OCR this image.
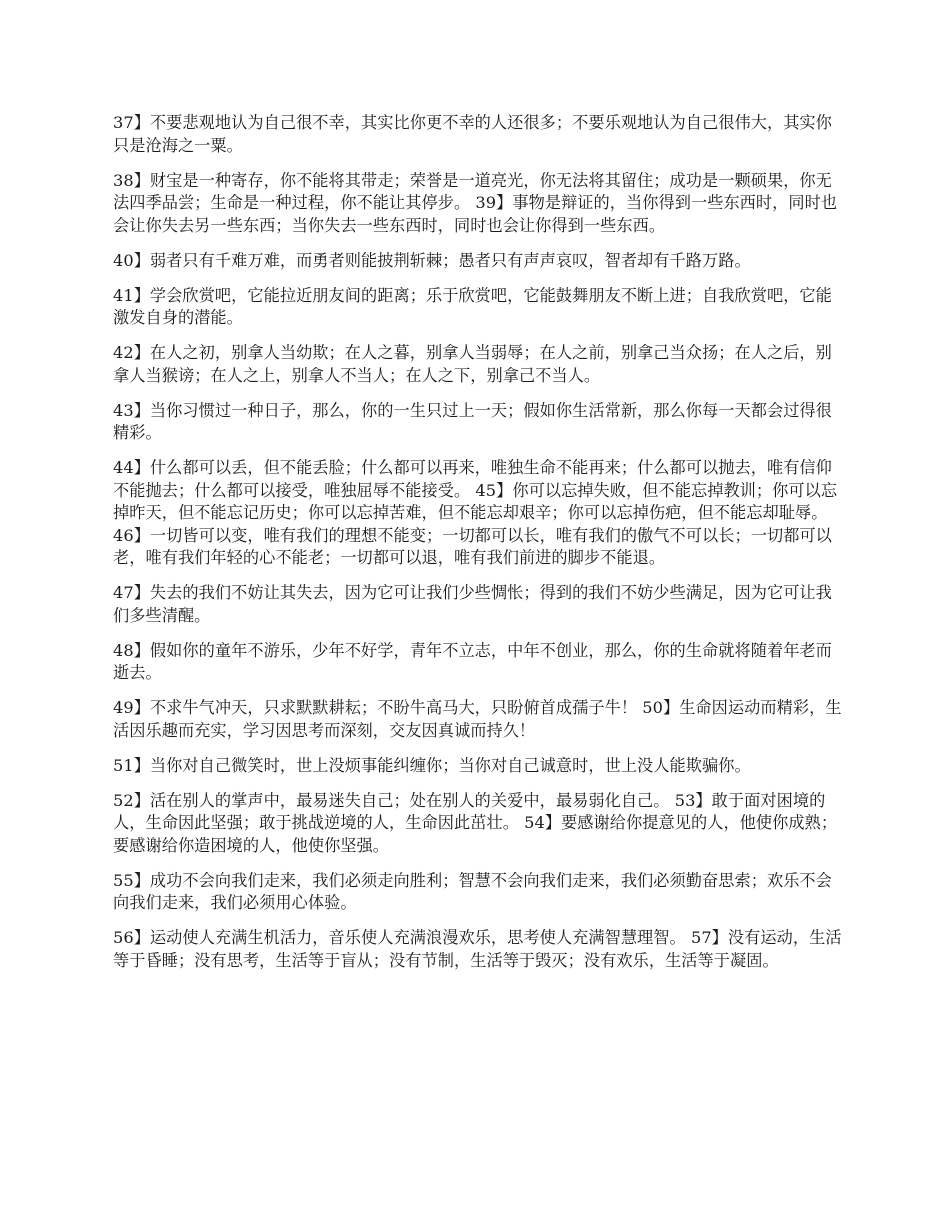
37】不要悲观地认为自己很不幸，其实比你更不幸的人还很多；不要乐观地认为自己很伟大，其实你只是沧海之一粟。

38】财宝是一种寄存，你不能将其带走；荣誉是一道亮光，你无法将其留住；成功是一颗硕果，你无法四季品尝；生命是一种过程，你不能让其停步。 39】事物是辩证的，当你得到一些东西时，同时也会让你失去另一些东西；当你失去一些东西时，同时也会让你得到一些东西。

40】弱者只有千难万难，而勇者则能披荆斩棘；愚者只有声声哀叹，智者却有千路万路。

41】学会欣赏吧，它能拉近朋友间的距离；乐于欣赏吧，它能鼓舞朋友不断上进；自我欣赏吧，它能激发自身的潜能。

42】在人之初，别拿人当幼欺；在人之暮，别拿人当弱辱；在人之前，别拿己当众扬；在人之后，别拿人当猴谤；在人之上，别拿人不当人；在人之下，别拿己不当人。

43】当你习惯过一种日子，那么，你的一生只过上一天；假如你生活常新，那么你每一天都会过得很精彩。

44】什么都可以丢，但不能丢脸；什么都可以再来，唯独生命不能再来；什么都可以抛去，唯有信仰不能抛去；什么都可以接受，唯独屈辱不能接受。 45】你可以忘掉失败，但不能忘掉教训；你可以忘掉昨天，但不能忘记历史；你可以忘掉苦难，但不能忘却艰辛；你可以忘掉伤疤，但不能忘却耻辱。 46】一切皆可以变，唯有我们的理想不能变；一切都可以长，唯有我们的傲气不可以长；一切都可以老，唯有我们年轻的心不能老；一切都可以退，唯有我们前进的脚步不能退。

47】失去的我们不妨让其失去，因为它可让我们少些惆怅；得到的我们不妨少些满足，因为它可让我们多些清醒。

48】假如你的童年不游乐，少年不好学，青年不立志，中年不创业，那么，你的生命就将随着年老而逝去。

49】不求牛气冲天，只求默默耕耘；不盼牛高马大，只盼俯首成孺子牛！ 50】生命因运动而精彩，生活因乐趣而充实，学习因思考而深刻，交友因真诚而持久！

51】当你对自己微笑时，世上没烦事能纠缠你；当你对自己诚意时，世上没人能欺骗你。

52】活在别人的掌声中，最易迷失自己；处在别人的关爱中，最易弱化自己。 53】敢于面对困境的人，生命因此坚强；敢于挑战逆境的人，生命因此茁壮。 54】要感谢给你提意见的人，他使你成熟；要感谢给你造困境的人，他使你坚强。

55】成功不会向我们走来，我们必须走向胜利；智慧不会向我们走来，我们必须勤奋思索；欢乐不会向我们走来，我们必须用心体验。

56】运动使人充满生机活力，音乐使人充满浪漫欢乐，思考使人充满智慧理智。 57】没有运动，生活等于昏睡；没有思考，生活等于盲从；没有节制，生活等于毁灭；没有欢乐，生活等于凝固。
